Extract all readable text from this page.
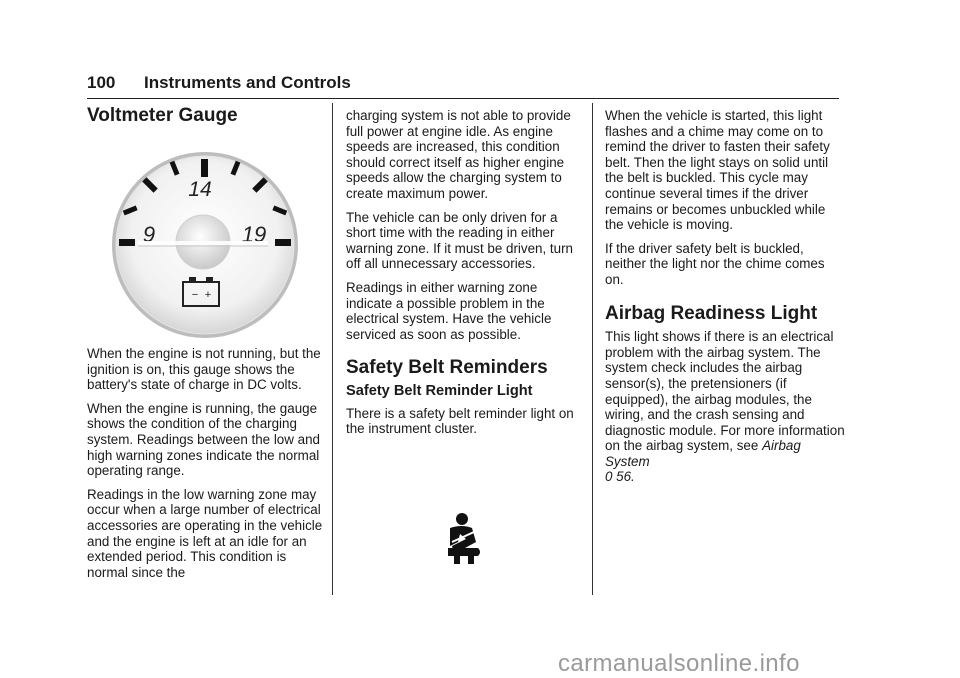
100 Instruments and Controls
Voltmeter Gauge
14
9	19
− +

When the engine is not running, but the ignition is on, this gauge shows the battery's state of charge in DC volts.

When the engine is running, the gauge shows the condition of the charging system. Readings between the low and high warning zones indicate the normal operating range.

Readings in the low warning zone may occur when a large number of electrical accessories are operating in the vehicle and the engine is left at an idle for an extended period. This condition is normal since the

charging system is not able to provide full power at engine idle. As engine speeds are increased, this condition should correct itself as higher engine speeds allow the charging system to create maximum power.

The vehicle can be only driven for a short time with the reading in either warning zone. If it must be driven, turn off all unnecessary accessories.

Readings in either warning zone indicate a possible problem in the electrical system. Have the vehicle serviced as soon as possible.

Safety Belt Reminders
Safety Belt Reminder Light

There is a safety belt reminder light on the instrument cluster.

When the vehicle is started, this light flashes and a chime may come on to remind the driver to fasten their safety belt. Then the light stays on solid until the belt is buckled. This cycle may continue several times if the driver remains or becomes unbuckled while the vehicle is moving.

If the driver safety belt is buckled, neither the light nor the chime comes on.

Airbag Readiness Light

This light shows if there is an electrical problem with the airbag system. The system check includes the airbag sensor(s), the pretensioners (if equipped), the airbag modules, the wiring, and the crash sensing and diagnostic module. For more information on the airbag system, see Airbag System
0 56.

carmanualsonline.info
